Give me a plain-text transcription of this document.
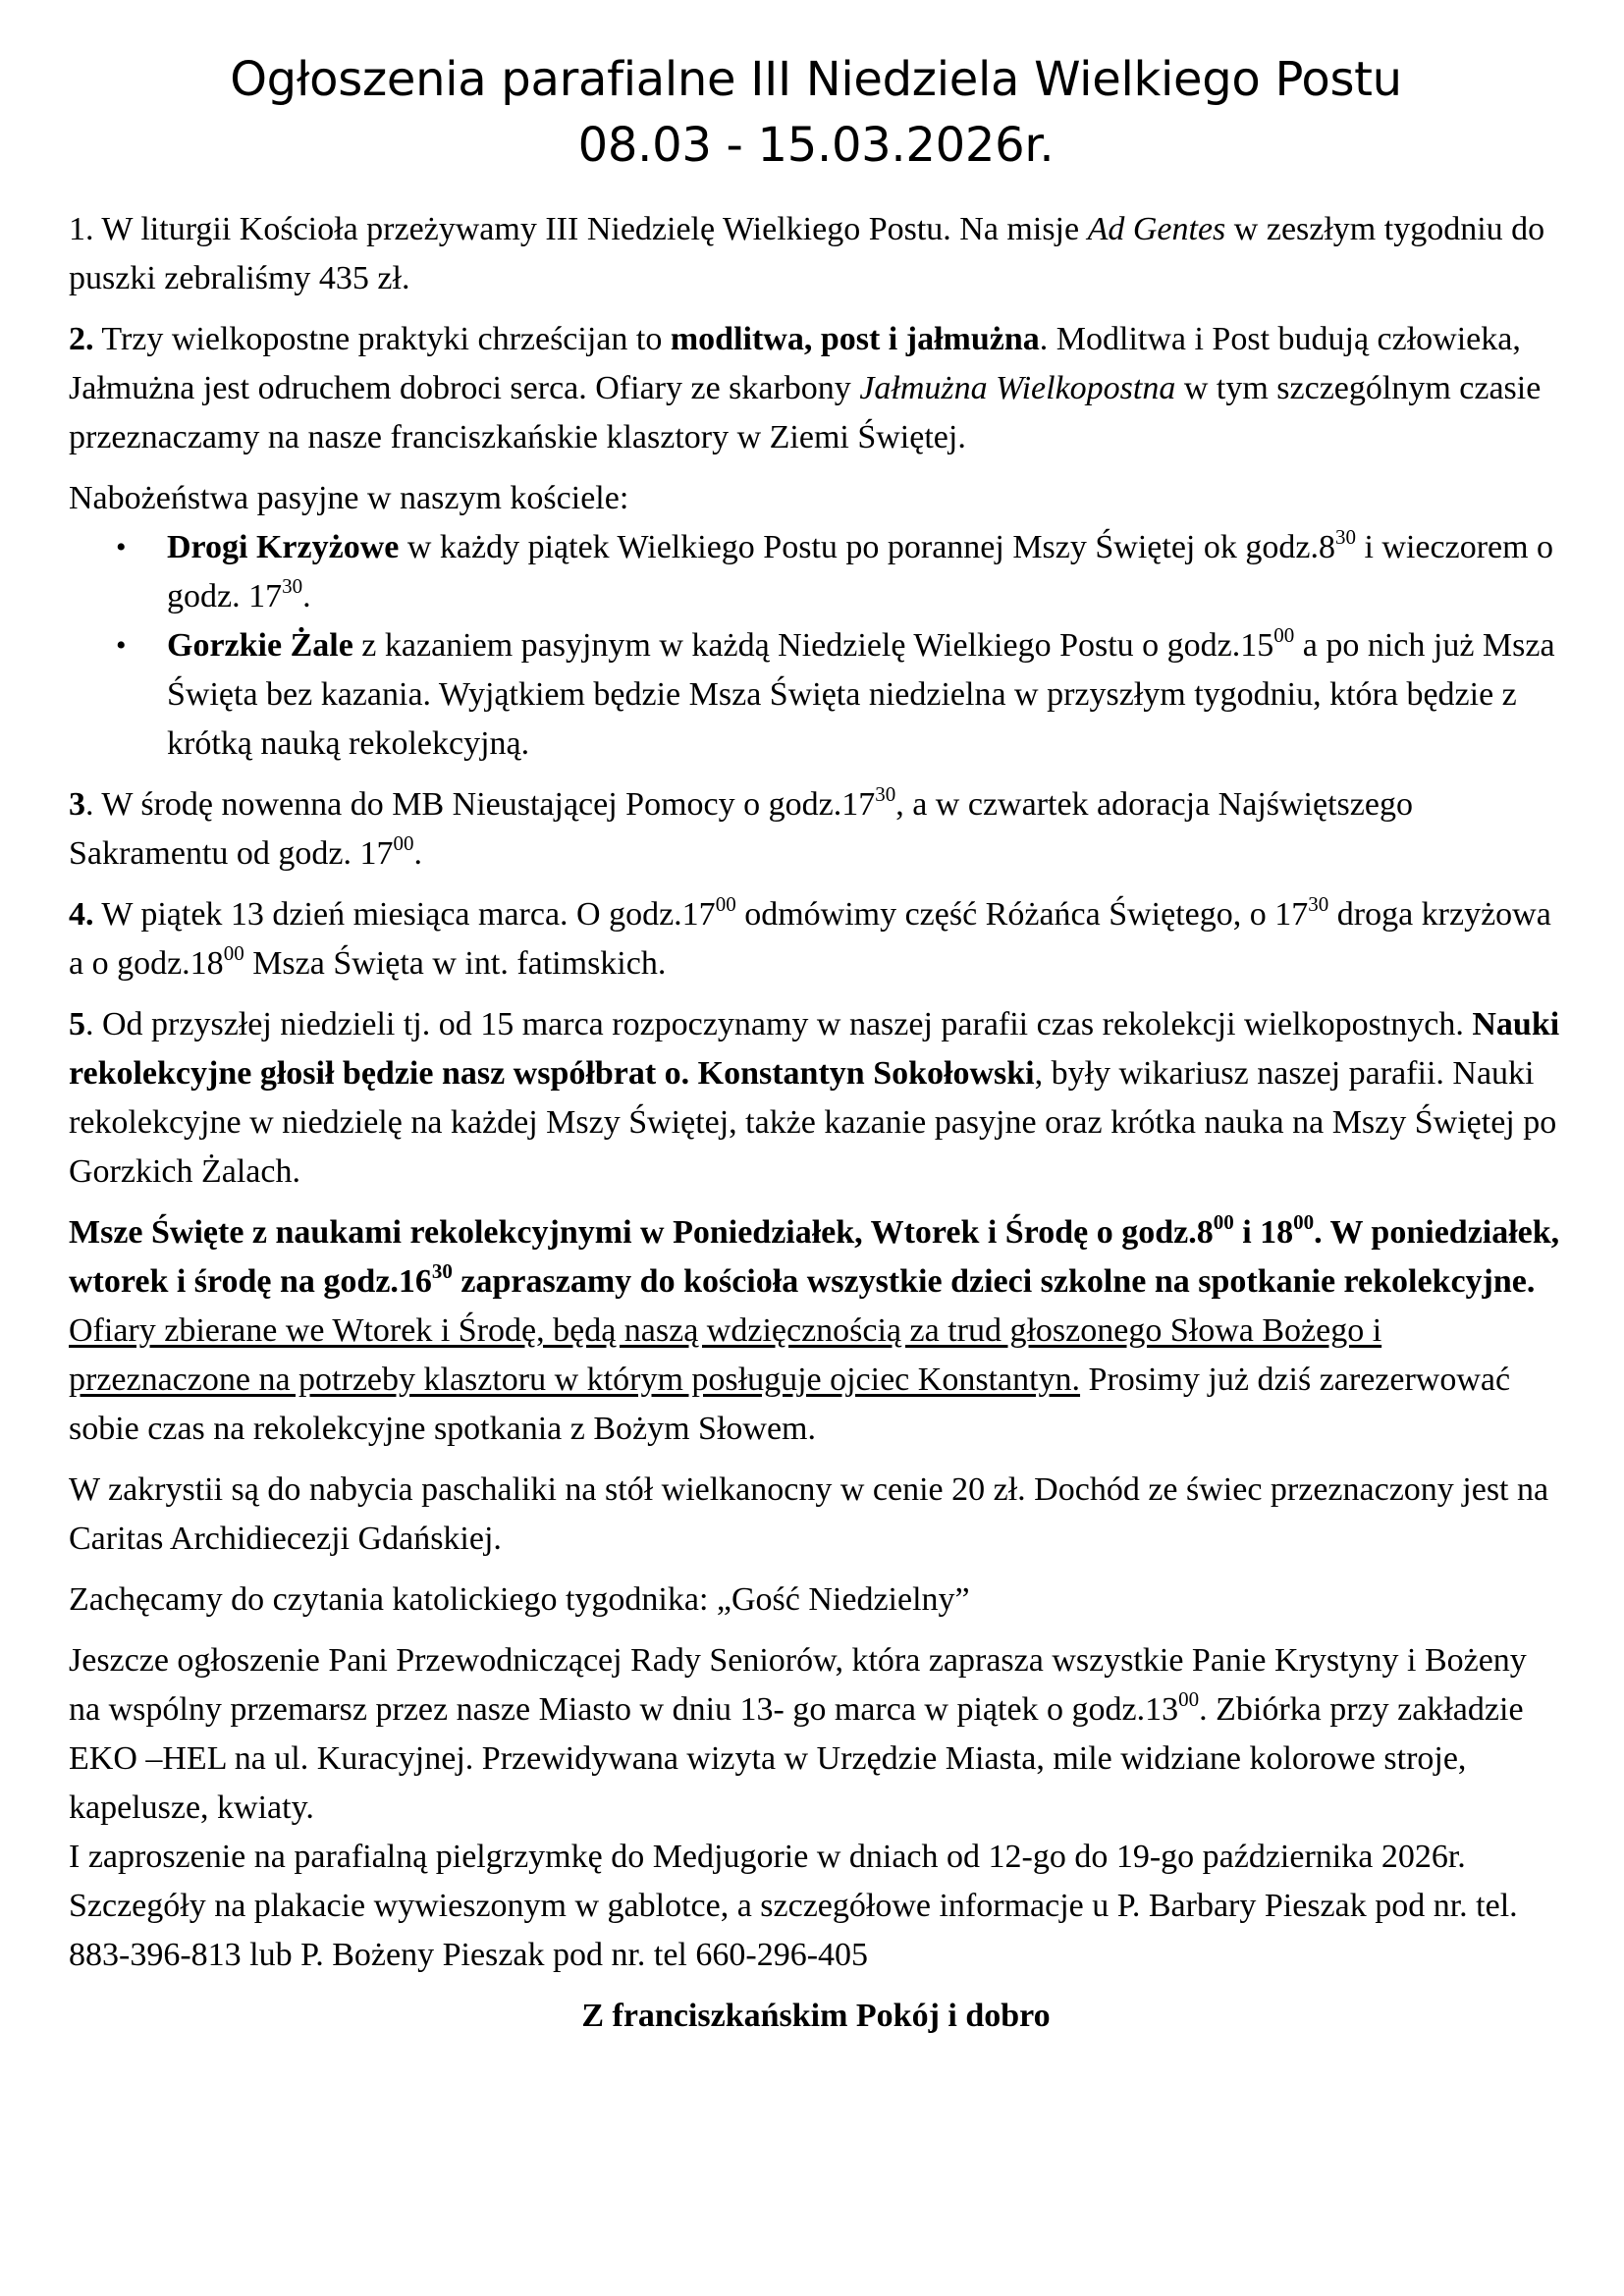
Ogłoszenia parafialne III Niedziela Wielkiego Postu
08.03 - 15.03.2026r.

1. W liturgii Kościoła przeżywamy III Niedzielę Wielkiego Postu. Na misje Ad Gentes w zeszłym tygodniu do puszki zebraliśmy 435 zł.

2. Trzy wielkopostne praktyki chrześcijan to modlitwa, post i jałmużna. Modlitwa i Post budują człowieka, Jałmużna jest odruchem dobroci serca. Ofiary ze skarbony Jałmużna Wielkopostna w tym szczególnym czasie przeznaczamy na nasze franciszkańskie klasztory w Ziemi Świętej.

Nabożeństwa pasyjne w naszym kościele:

• Drogi Krzyżowe w każdy piątek Wielkiego Postu po porannej Mszy Świętej ok $godz.8^{30}$ i wieczorem o godz. $17^{30}$.
• Gorzkie Żale z kazaniem pasyjnym w każdą Niedzielę Wielkiego Postu o $godz.15^{00}$ a po nich już Msza Święta bez kazania. Wyjątkiem będzie Msza Święta niedzielna w przyszłym tygodniu, która będzie z krótką nauką rekolekcyjną.

3. W środę nowenna do MB Nieustającej Pomocy o $godz.17^{30}$, a w czwartek adoracja Najświętszego Sakramentu od godz. $17^{00}$.

4. W piątek 13 dzień miesiąca marca. O $godz.17^{00}$ odmówimy część Różańca Świętego, o $17^{30}$ droga krzyżowa a o $godz.18^{00}$ Msza Święta w int. fatimskich.

5. Od przyszłej niedzieli tj. od 15 marca rozpoczynamy w naszej parafii czas rekolekcji wielkopostnych. Nauki rekolekcyjne głosił będzie nasz współbrat o. Konstantyn Sokołowski, były wikariusz naszej parafii. Nauki rekolekcyjne w niedzielę na każdej Mszy Świętej, także kazanie pasyjne oraz krótka nauka na Mszy Świętej po Gorzkich Żalach.

Msze Święte z naukami rekolekcyjnymi w Poniedziałek, Wtorek i Środę o $godz.8^{00}$ i $18^{00}$. W poniedziałek, wtorek i środę na $godz.16^{30}$ zapraszamy do kościoła wszystkie dzieci szkolne na spotkanie rekolekcyjne. Ofiary zbierane we Wtorek i Środę, będą naszą wdzięcznością za trud głoszonego Słowa Bożego i przeznaczone na potrzeby klasztoru w którym posługuje ojciec Konstantyn. Prosimy już dziś zarezerwować sobie czas na rekolekcyjne spotkania z Bożym Słowem.

W zakrystii są do nabycia paschaliki na stół wielkanocny w cenie 20 zł. Dochód ze świec przeznaczony jest na Caritas Archidiecezji Gdańskiej.

Zachęcamy do czytania katolickiego tygodnika: „Gość Niedzielny”

Jeszcze ogłoszenie Pani Przewodniczącej Rady Seniorów, która zaprasza wszystkie Panie Krystyny i Bożeny na wspólny przemarsz przez nasze Miasto w dniu 13- go marca w piątek o $godz.13^{00}$. Zbiórka przy zakładzie EKO –HEL na ul. Kuracyjnej. Przewidywana wizyta w Urzędzie Miasta, mile widziane kolorowe stroje, kapelusze, kwiaty.

I zaproszenie na parafialną pielgrzymkę do Medjugorie w dniach od 12-go do 19-go października 2026r. Szczegóły na plakacie wywieszonym w gablotce, a szczegółowe informacje u P. Barbary Pieszak pod nr. tel. 883-396-813 lub P. Bożeny Pieszak pod nr. tel 660-296-405

Z franciszkańskim Pokój i dobro
